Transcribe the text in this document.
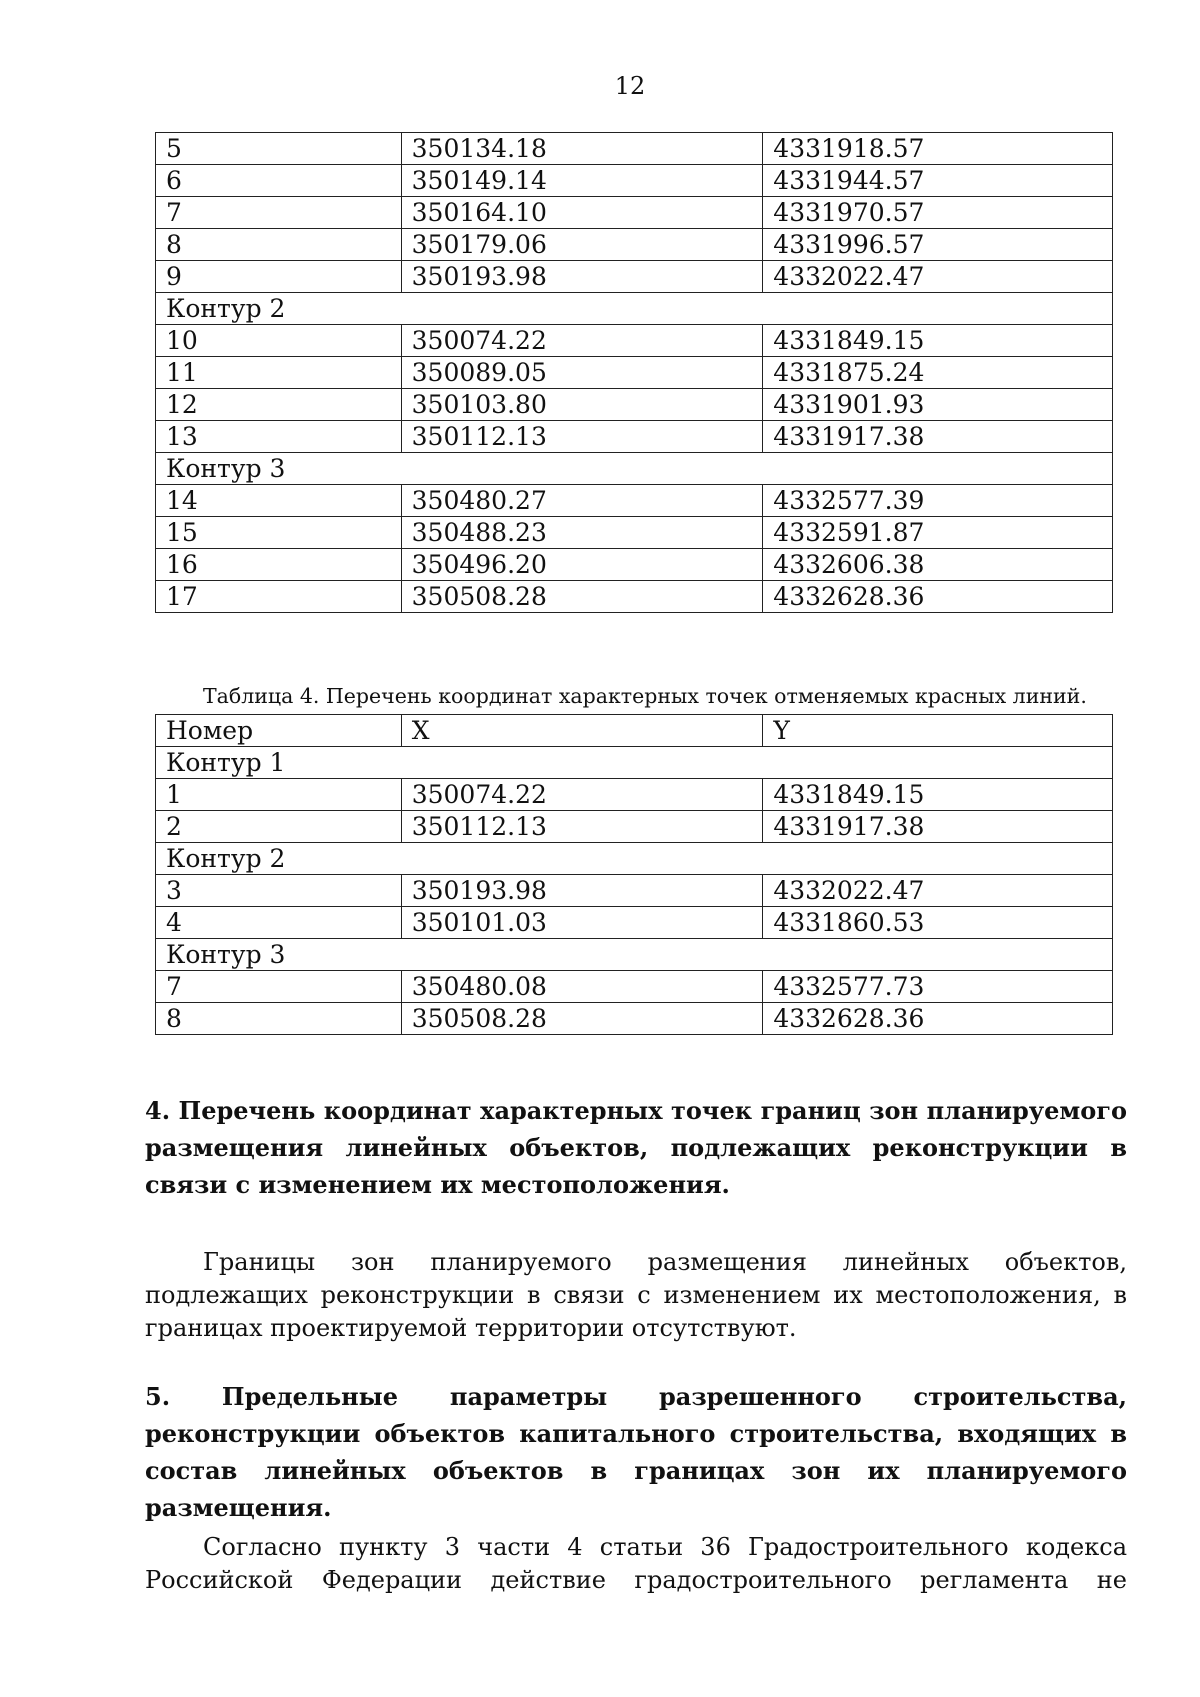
12
5	350134.18	4331918.57
6	350149.14	4331944.57
7	350164.10	4331970.57
8	350179.06	4331996.57
9	350193.98	4332022.47
Контур 2		
10	350074.22	4331849.15
11	350089.05	4331875.24
12	350103.80	4331901.93
13	350112.13	4331917.38
Контур 3		
14	350480.27	4332577.39
15	350488.23	4332591.87
16	350496.20	4332606.38
17	350508.28	4332628.36
Таблица 4. Перечень координат характерных точек отменяемых красных линий.
Номер	X	Y
Контур 1		
1	350074.22	4331849.15
2	350112.13	4331917.38
Контур 2		
3	350193.98	4332022.47
4	350101.03	4331860.53
Контур 3		
7	350480.08	4332577.73
8	350508.28	4332628.36
4. Перечень координат характерных точек границ зон планируемого размещения линейных объектов, подлежащих реконструкции в связи с изменением их местоположения.
Границы зон планируемого размещения линейных объектов, подлежащих реконструкции в связи с изменением их местоположения, в границах проектируемой территории отсутствуют.
5. Предельные параметры разрешенного строительства, реконструкции объектов капитального строительства, входящих в состав линейных объектов в границах зон их планируемого размещения.
Согласно пункту 3 части 4 статьи 36 Градостроительного кодекса Российской Федерации действие градостроительного регламента не
